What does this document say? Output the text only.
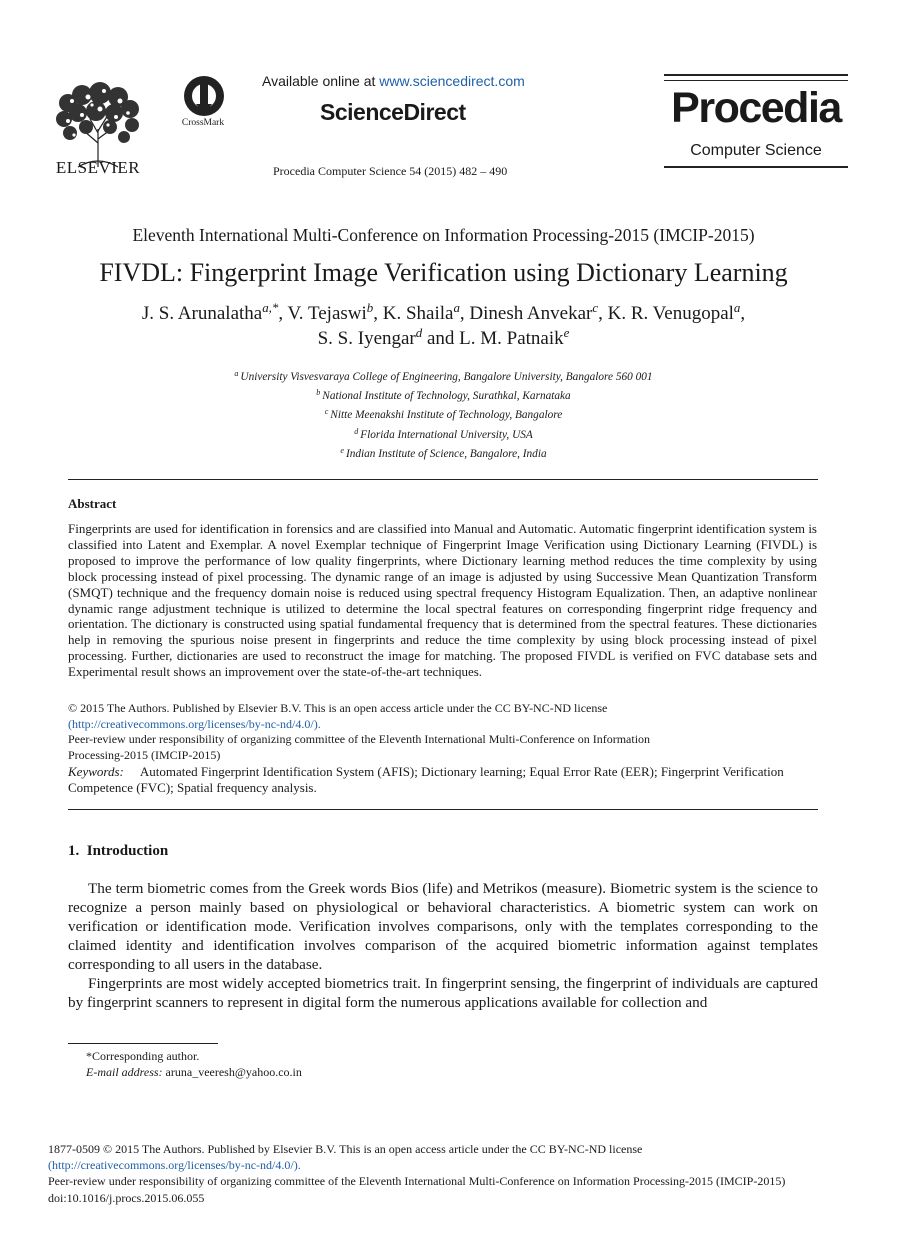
ELSEVIER
CrossMark
Available online at www.sciencedirect.com
ScienceDirect
Procedia Computer Science 54 (2015) 482 – 490
Procedia
Computer Science
Eleventh International Multi-Conference on Information Processing-2015 (IMCIP-2015)
FIVDL: Fingerprint Image Verification using Dictionary Learning
J. S. Arunalatha$^{a,*}$, V. Tejaswi$^b$, K. Shaila$^a$, Dinesh Anvekar$^c$, K. R. Venugopal$^a$,
S. S. Iyengar$^d$ and L. M. Patnaik$^e$
$^a$ University Visvesvaraya College of Engineering, Bangalore University, Bangalore 560 001
$^b$ National Institute of Technology, Surathkal, Karnataka
$^c$ Nitte Meenakshi Institute of Technology, Bangalore
$^d$ Florida International University, USA
$^e$ Indian Institute of Science, Bangalore, India
Abstract
Fingerprints are used for identification in forensics and are classified into Manual and Automatic. Automatic fingerprint identification system is classified into Latent and Exemplar. A novel Exemplar technique of Fingerprint Image Verification using Dictionary Learning (FIVDL) is proposed to improve the performance of low quality fingerprints, where Dictionary learning method reduces the time complexity by using block processing instead of pixel processing. The dynamic range of an image is adjusted by using Successive Mean Quantization Transform (SMQT) technique and the frequency domain noise is reduced using spectral frequency Histogram Equalization. Then, an adaptive nonlinear dynamic range adjustment technique is utilized to determine the local spectral features on corresponding fingerprint ridge frequency and orientation. The dictionary is constructed using spatial fundamental frequency that is determined from the spectral features. These dictionaries help in removing the spurious noise present in fingerprints and reduce the time complexity by using block processing instead of pixel processing. Further, dictionaries are used to reconstruct the image for matching. The proposed FIVDL is verified on FVC database sets and Experimental result shows an improvement over the state-of-the-art techniques.
© 2015 The Authors. Published by Elsevier B.V. This is an open access article under the CC BY-NC-ND license
(http://creativecommons.org/licenses/by-nc-nd/4.0/).
Peer-review under responsibility of organizing committee of the Eleventh International Multi-Conference on Information
Processing-2015 (IMCIP-2015)
Keywords: Automated Fingerprint Identification System (AFIS); Dictionary learning; Equal Error Rate (EER); Fingerprint Verification Competence (FVC); Spatial frequency analysis.
1.  Introduction

The term biometric comes from the Greek words Bios (life) and Metrikos (measure). Biometric system is the science to recognize a person mainly based on physiological or behavioral characteristics. A biometric system can work on verification or identification mode. Verification involves comparisons, only with the templates corresponding to the claimed identity and identification involves comparison of the acquired biometric information against templates corresponding to all users in the database.

Fingerprints are most widely accepted biometrics trait. In fingerprint sensing, the fingerprint of individuals are captured by fingerprint scanners to represent in digital form the numerous applications available for collection and

*Corresponding author.
E-mail address: aruna_veeresh@yahoo.co.in
1877-0509 © 2015 The Authors. Published by Elsevier B.V. This is an open access article under the CC BY-NC-ND license
(http://creativecommons.org/licenses/by-nc-nd/4.0/).
Peer-review under responsibility of organizing committee of the Eleventh International Multi-Conference on Information Processing-2015 (IMCIP-2015)
doi:10.1016/j.procs.2015.06.055
